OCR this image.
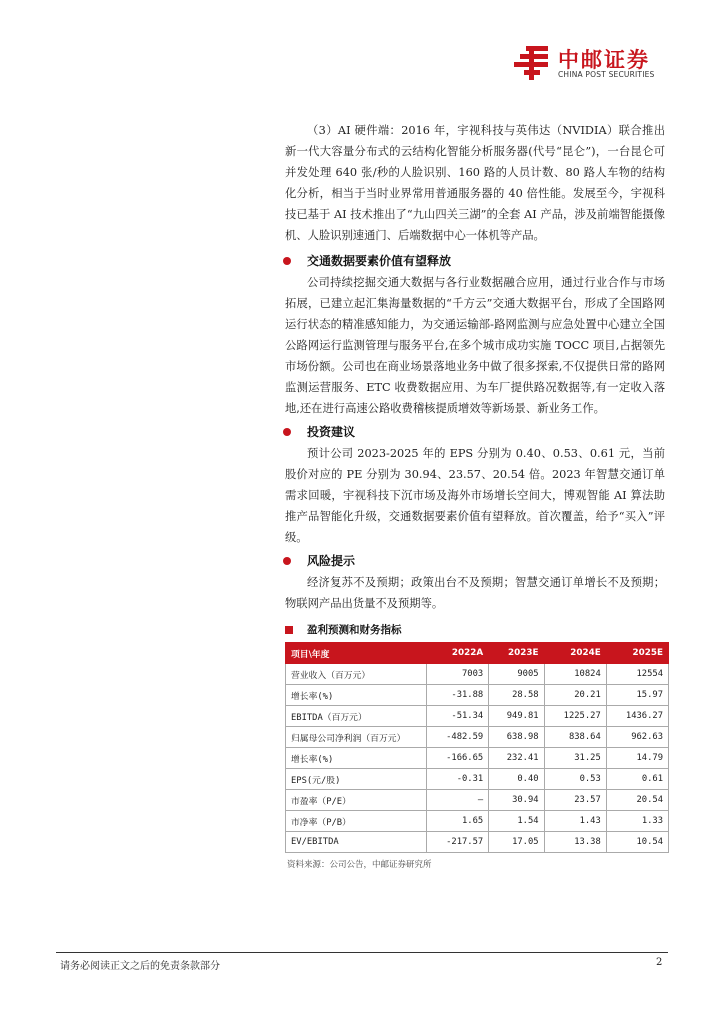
中邮证券
CHINA POST SECURITIES

（3）AI 硬件端：2016 年，宇视科技与英伟达（NVIDIA）联合推出新一代大容量分布式的云结构化智能分析服务器(代号“昆仑”)，一台昆仑可并发处理 640 张/秒的人脸识别、160 路的人员计数、80 路人车物的结构化分析，相当于当时业界常用普通服务器的 40 倍性能。发展至今，宇视科技已基于 AI 技术推出了“九山四关三湖”的全套 AI 产品，涉及前端智能摄像机、人脸识别速通门、后端数据中心一体机等产品。

交通数据要素价值有望释放

公司持续挖掘交通大数据与各行业数据融合应用，通过行业合作与市场拓展，已建立起汇集海量数据的“千方云”交通大数据平台，形成了全国路网运行状态的精准感知能力，为交通运输部-路网监测与应急处置中心建立全国公路网运行监测管理与服务平台,在多个城市成功实施 TOCC 项目,占据领先市场份额。公司也在商业场景落地业务中做了很多探索,不仅提供日常的路网监测运营服务、ETC 收费数据应用、为车厂提供路况数据等,有一定收入落地,还在进行高速公路收费稽核提质增效等新场景、新业务工作。

投资建议

预计公司 2023-2025 年的 EPS 分别为 0.40、0.53、0.61 元，当前股价对应的 PE 分别为 30.94、23.57、20.54 倍。2023 年智慧交通订单需求回暖，宇视科技下沉市场及海外市场增长空间大，博观智能 AI 算法助推产品智能化升级，交通数据要素价值有望释放。首次覆盖，给予“买入”评级。

风险提示

经济复苏不及预期；政策出台不及预期；智慧交通订单增长不及预期；物联网产品出货量不及预期等。

盈利预测和财务指标
项目\年度	2022A	2023E	2024E	2025E
营业收入（百万元）	7003	9005	10824	12554
增长率(%)	-31.88	28.58	20.21	15.97
EBITDA（百万元）	-51.34	949.81	1225.27	1436.27
归属母公司净利润（百万元）	-482.59	638.98	838.64	962.63
增长率(%)	-166.65	232.41	31.25	14.79
EPS(元/股)	-0.31	0.40	0.53	0.61
市盈率（P/E）	—	30.94	23.57	20.54
市净率（P/B）	1.65	1.54	1.43	1.33
EV/EBITDA	-217.57	17.05	13.38	10.54
资料来源：公司公告，中邮证券研究所
请务必阅读正文之后的免责条款部分	2
